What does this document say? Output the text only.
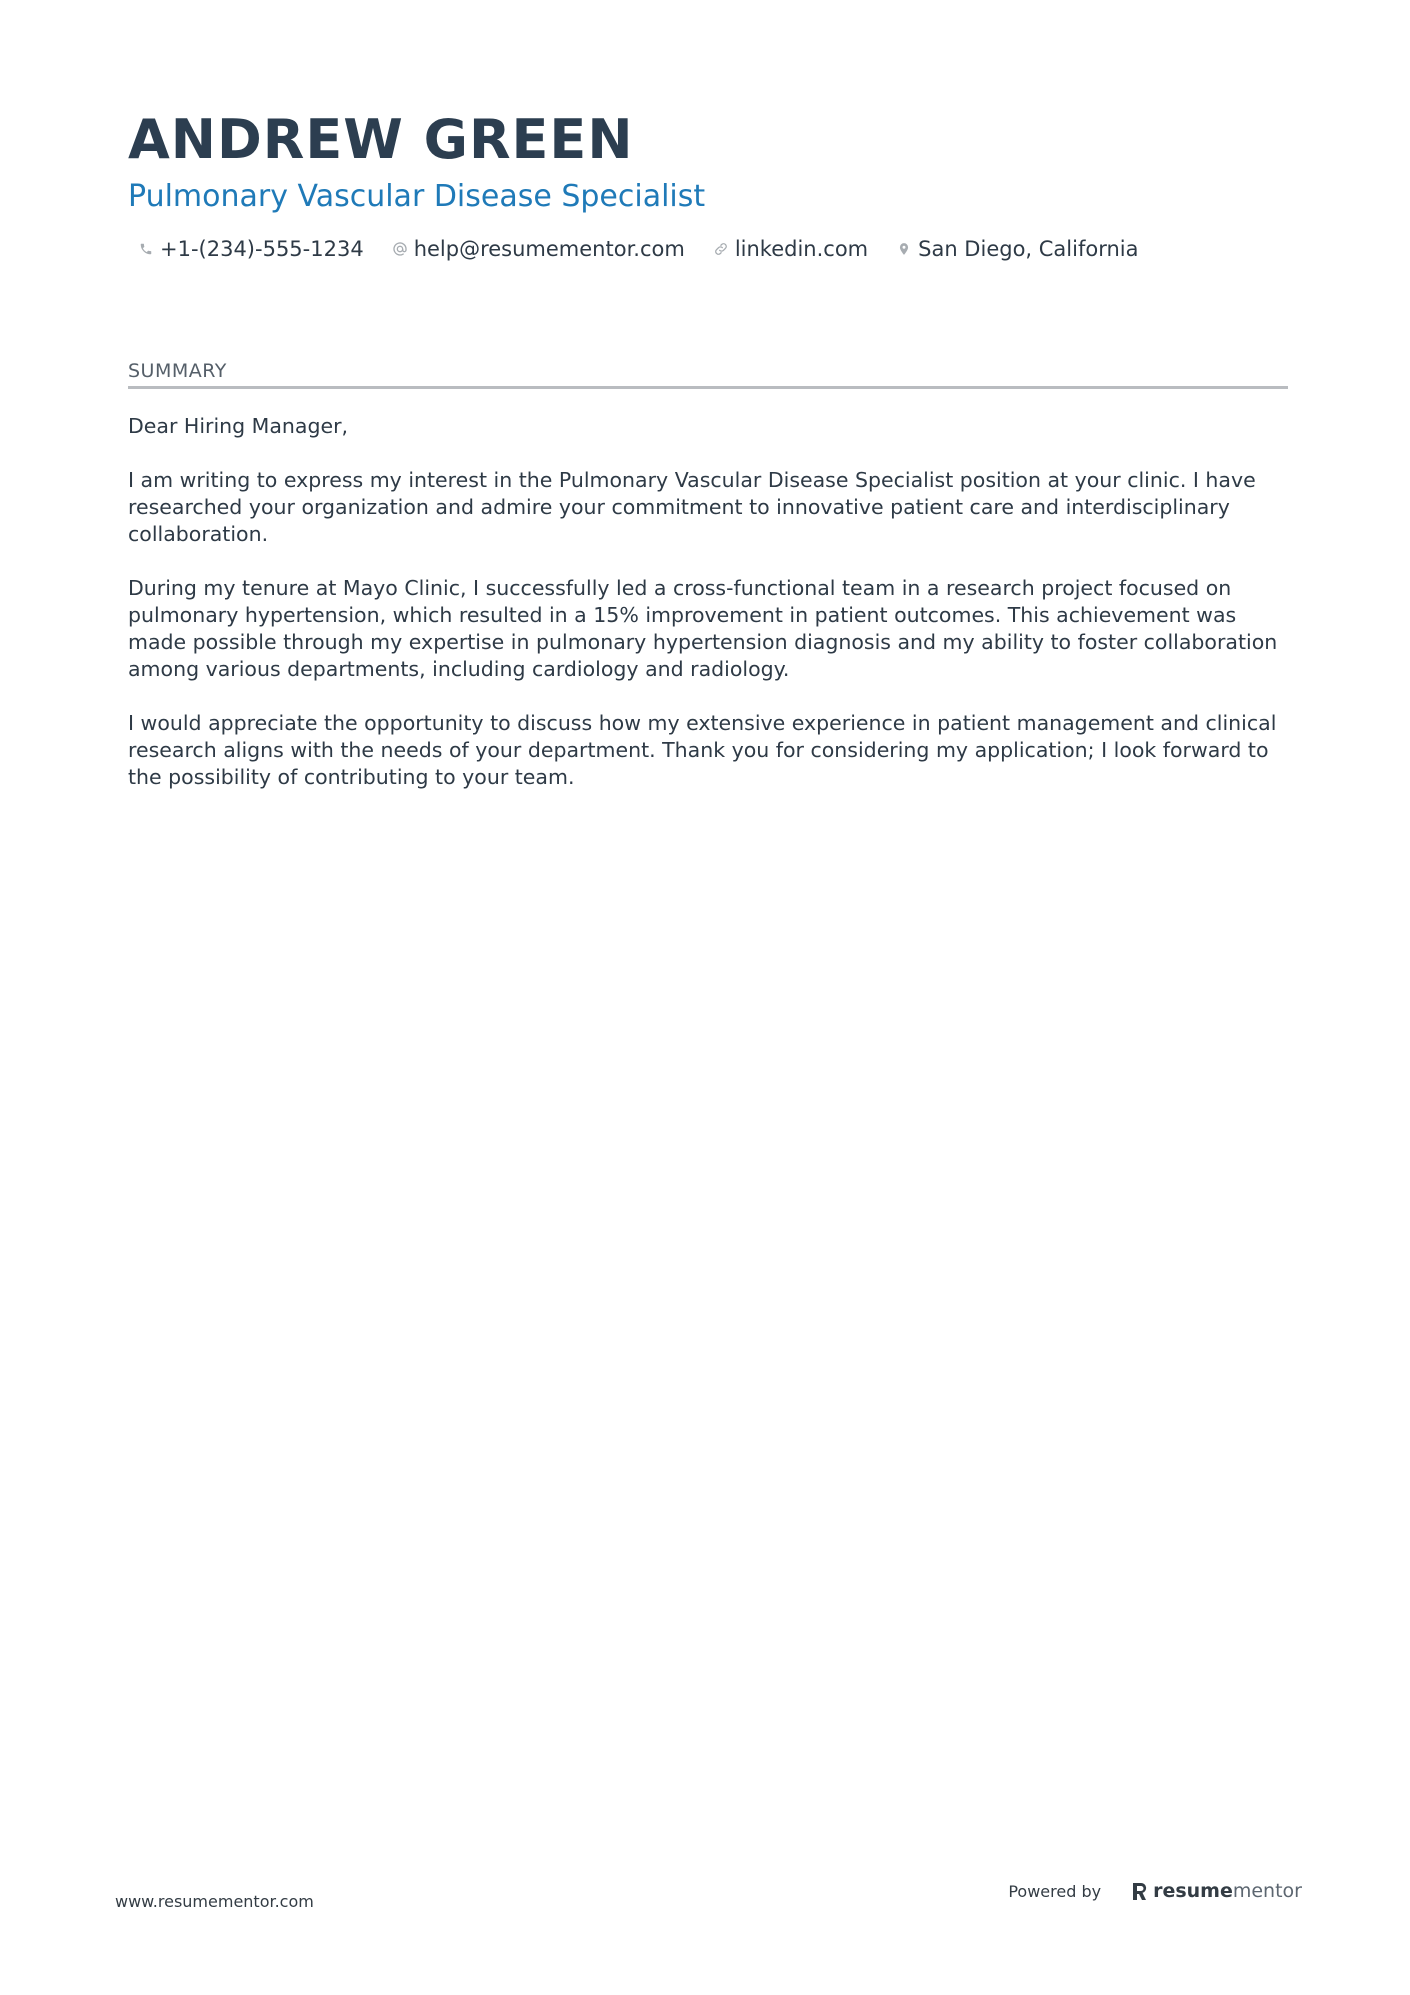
ANDREW GREEN
Pulmonary Vascular Disease Specialist
+1-(234)-555-1234 help@resumementor.com linkedin.com San Diego, California
SUMMARY

Dear Hiring Manager,

I am writing to express my interest in the Pulmonary Vascular Disease Specialist position at your clinic. I have researched your organization and admire your commitment to innovative patient care and interdisciplinary collaboration.

During my tenure at Mayo Clinic, I successfully led a cross-functional team in a research project focused on pulmonary hypertension, which resulted in a 15% improvement in patient outcomes. This achievement was made possible through my expertise in pulmonary hypertension diagnosis and my ability to foster collaboration among various departments, including cardiology and radiology.

I would appreciate the opportunity to discuss how my extensive experience in patient management and clinical research aligns with the needs of your department. Thank you for considering my application; I look forward to the possibility of contributing to your team.

www.resumementor.com
Powered by	resume mentor
